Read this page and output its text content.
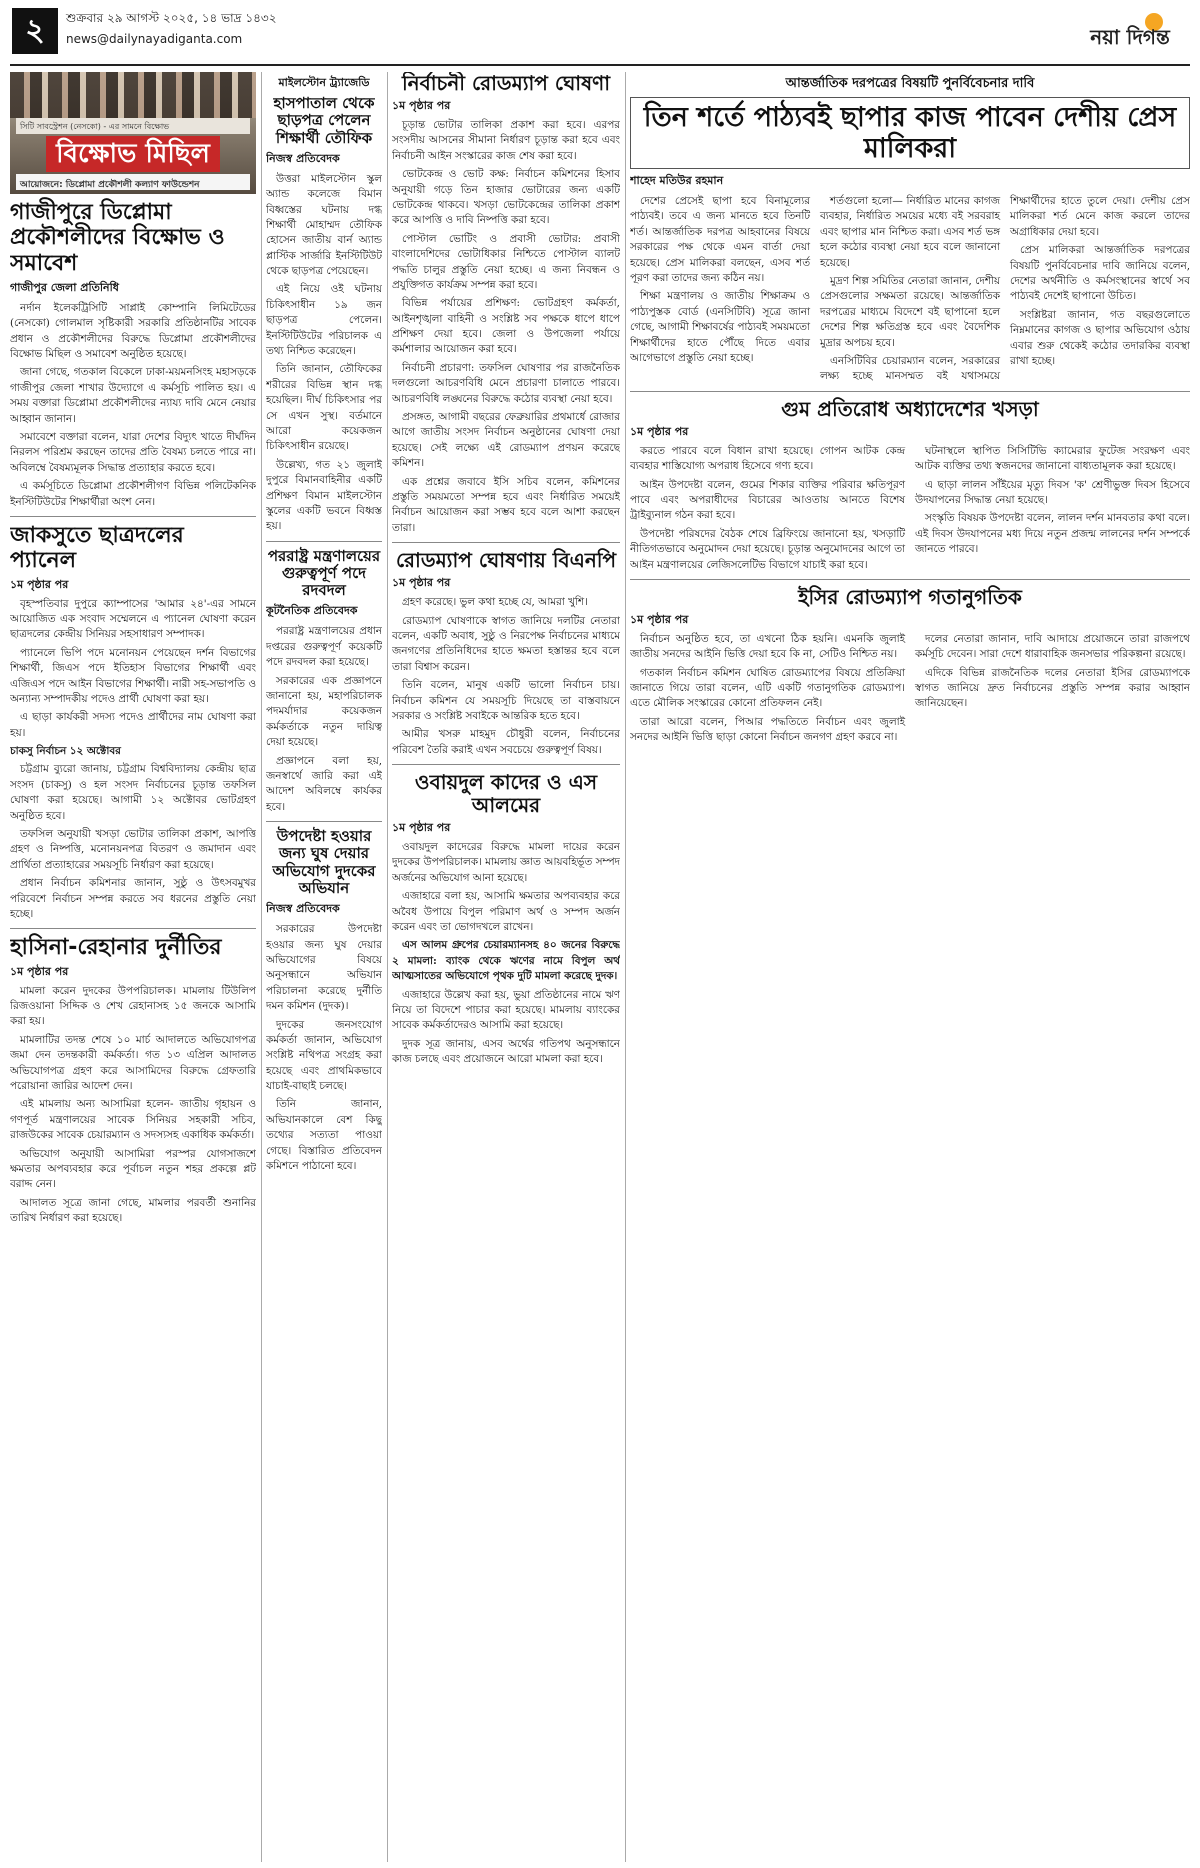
২	শুক্রবার ২৯ আগস্ট ২০২৫, ১৪ ভাদ্র ১৪৩২
news@dailynayadiganta.com	নয়া দিগন্ত
সিটি সাবস্ট্রেশন (নেসকো) - এর সামনে বিক্ষোভ
বিক্ষোভ মিছিল
আয়োজনে: ডিপ্লোমা প্রকৌশলী কল্যাণ ফাউন্ডেশন
গাজীপুরে ডিপ্লোমা প্রকৌশলীদের বিক্ষোভ ও সমাবেশ
গাজীপুর জেলা প্রতিনিধি

নর্দান ইলেকট্রিসিটি সাপ্লাই কোম্পানি লিমিটেডের (নেসকো) গোলমাল সৃষ্টিকারী সরকারি প্রতিষ্ঠানটির সাবেক প্রধান ও প্রকৌশলীদের বিরুদ্ধে ডিপ্লোমা প্রকৌশলীদের বিক্ষোভ মিছিল ও সমাবেশ অনুষ্ঠিত হয়েছে।

জানা গেছে, গতকাল বিকেলে ঢাকা-ময়মনসিংহ মহাসড়কে গাজীপুর জেলা শাখার উদ্যোগে এ কর্মসূচি পালিত হয়। এ সময় বক্তারা ডিপ্লোমা প্রকৌশলীদের ন্যায্য দাবি মেনে নেয়ার আহ্বান জানান।

সমাবেশে বক্তারা বলেন, যারা দেশের বিদ্যুৎ খাতে দীর্ঘদিন নিরলস পরিশ্রম করছেন তাদের প্রতি বৈষম্য চলতে পারে না। অবিলম্বে বৈষম্যমূলক সিদ্ধান্ত প্রত্যাহার করতে হবে।

এ কর্মসূচিতে ডিপ্লোমা প্রকৌশলীগণ বিভিন্ন পলিটেকনিক ইনস্টিটিউটের শিক্ষার্থীরা অংশ নেন।

জাকসুতে ছাত্রদলের প্যানেল
১ম পৃষ্ঠার পর

বৃহস্পতিবার দুপুরে ক্যাম্পাসের 'আমার ২৪'-এর সামনে আয়োজিত এক সংবাদ সম্মেলনে এ প্যানেল ঘোষণা করেন ছাত্রদলের কেন্দ্রীয় সিনিয়র সহসাধারণ সম্পাদক।

প্যানেলে ভিপি পদে মনোনয়ন পেয়েছেন দর্শন বিভাগের শিক্ষার্থী, জিএস পদে ইতিহাস বিভাগের শিক্ষার্থী এবং এজিএস পদে আইন বিভাগের শিক্ষার্থী। নারী সহ-সভাপতি ও অন্যান্য সম্পাদকীয় পদেও প্রার্থী ঘোষণা করা হয়।

এ ছাড়া কার্যকরী সদস্য পদেও প্রার্থীদের নাম ঘোষণা করা হয়।

চাকসু নির্বাচন ১২ অক্টোবর

চট্টগ্রাম ব্যুরো জানায়, চট্টগ্রাম বিশ্ববিদ্যালয় কেন্দ্রীয় ছাত্র সংসদ (চাকসু) ও হল সংসদ নির্বাচনের চূড়ান্ত তফসিল ঘোষণা করা হয়েছে। আগামী ১২ অক্টোবর ভোটগ্রহণ অনুষ্ঠিত হবে।

তফসিল অনুযায়ী খসড়া ভোটার তালিকা প্রকাশ, আপত্তি গ্রহণ ও নিষ্পত্তি, মনোনয়নপত্র বিতরণ ও জমাদান এবং প্রার্থিতা প্রত্যাহারের সময়সূচি নির্ধারণ করা হয়েছে।

প্রধান নির্বাচন কমিশনার জানান, সুষ্ঠু ও উৎসবমুখর পরিবেশে নির্বাচন সম্পন্ন করতে সব ধরনের প্রস্তুতি নেয়া হচ্ছে।

হাসিনা-রেহানার দুর্নীতির
১ম পৃষ্ঠার পর

মামলা করেন দুদকের উপপরিচালক। মামলায় টিউলিপ রিজওয়ানা সিদ্দিক ও শেখ রেহানাসহ ১৫ জনকে আসামি করা হয়।

মামলাটির তদন্ত শেষে ১০ মার্চ আদালতে অভিযোগপত্র জমা দেন তদন্তকারী কর্মকর্তা। গত ১৩ এপ্রিল আদালত অভিযোগপত্র গ্রহণ করে আসামিদের বিরুদ্ধে গ্রেফতারি পরোয়ানা জারির আদেশ দেন।

এই মামলায় অন্য আসামিরা হলেন- জাতীয় গৃহায়ন ও গণপূর্ত মন্ত্রণালয়ের সাবেক সিনিয়র সহকারী সচিব, রাজউকের সাবেক চেয়ারম্যান ও সদস্যসহ একাধিক কর্মকর্তা।

অভিযোগ অনুযায়ী আসামিরা পরস্পর যোগসাজশে ক্ষমতার অপব্যবহার করে পূর্বাচল নতুন শহর প্রকল্পে প্লট বরাদ্দ নেন।

আদালত সূত্রে জানা গেছে, মামলার পরবর্তী শুনানির তারিখ নির্ধারণ করা হয়েছে।

মাইলস্টোন ট্র্যাজেডি
হাসপাতাল থেকে ছাড়পত্র পেলেন শিক্ষার্থী তৌফিক
নিজস্ব প্রতিবেদক

উত্তরা মাইলস্টোন স্কুল অ্যান্ড কলেজে বিমান বিধ্বস্তের ঘটনায় দগ্ধ শিক্ষার্থী মোহাম্মদ তৌফিক হোসেন জাতীয় বার্ন অ্যান্ড প্লাস্টিক সার্জারি ইনস্টিটিউট থেকে ছাড়পত্র পেয়েছেন।

এই নিয়ে ওই ঘটনায় চিকিৎসাধীন ১৯ জন ছাড়পত্র পেলেন। ইনস্টিটিউটের পরিচালক এ তথ্য নিশ্চিত করেছেন।

তিনি জানান, তৌফিকের শরীরের বিভিন্ন স্থান দগ্ধ হয়েছিল। দীর্ঘ চিকিৎসার পর সে এখন সুস্থ। বর্তমানে আরো কয়েকজন চিকিৎসাধীন রয়েছে।

উল্লেখ্য, গত ২১ জুলাই দুপুরে বিমানবাহিনীর একটি প্রশিক্ষণ বিমান মাইলস্টোন স্কুলের একটি ভবনে বিধ্বস্ত হয়।

পররাষ্ট্র মন্ত্রণালয়ের গুরুত্বপূর্ণ পদে রদবদল
কূটনৈতিক প্রতিবেদক

পররাষ্ট্র মন্ত্রণালয়ের প্রধান দপ্তরের গুরুত্বপূর্ণ কয়েকটি পদে রদবদল করা হয়েছে।

সরকারের এক প্রজ্ঞাপনে জানানো হয়, মহাপরিচালক পদমর্যাদার কয়েকজন কর্মকর্তাকে নতুন দায়িত্ব দেয়া হয়েছে।

প্রজ্ঞাপনে বলা হয়, জনস্বার্থে জারি করা এই আদেশ অবিলম্বে কার্যকর হবে।

উপদেষ্টা হওয়ার জন্য ঘুষ দেয়ার অভিযোগ দুদকের অভিযান
নিজস্ব প্রতিবেদক

সরকারের উপদেষ্টা হওয়ার জন্য ঘুষ দেয়ার অভিযোগের বিষয়ে অনুসন্ধানে অভিযান পরিচালনা করেছে দুর্নীতি দমন কমিশন (দুদক)।

দুদকের জনসংযোগ কর্মকর্তা জানান, অভিযোগ সংশ্লিষ্ট নথিপত্র সংগ্রহ করা হয়েছে এবং প্রাথমিকভাবে যাচাই-বাছাই চলছে।

তিনি জানান, অভিযানকালে বেশ কিছু তথ্যের সত্যতা পাওয়া গেছে। বিস্তারিত প্রতিবেদন কমিশনে পাঠানো হবে।

নির্বাচনী রোডম্যাপ ঘোষণা
১ম পৃষ্ঠার পর

চূড়ান্ত ভোটার তালিকা প্রকাশ করা হবে। এরপর সংসদীয় আসনের সীমানা নির্ধারণ চূড়ান্ত করা হবে এবং নির্বাচনী আইন সংস্কারের কাজ শেষ করা হবে।

ভোটকেন্দ্র ও ভোট কক্ষ: নির্বাচন কমিশনের হিসাব অনুযায়ী গড়ে তিন হাজার ভোটারের জন্য একটি ভোটকেন্দ্র থাকবে। খসড়া ভোটকেন্দ্রের তালিকা প্রকাশ করে আপত্তি ও দাবি নিষ্পত্তি করা হবে।

পোস্টাল ভোটিং ও প্রবাসী ভোটার: প্রবাসী বাংলাদেশিদের ভোটাধিকার নিশ্চিতে পোস্টাল ব্যালট পদ্ধতি চালুর প্রস্তুতি নেয়া হচ্ছে। এ জন্য নিবন্ধন ও প্রযুক্তিগত কার্যক্রম সম্পন্ন করা হবে।

বিভিন্ন পর্যায়ের প্রশিক্ষণ: ভোটগ্রহণ কর্মকর্তা, আইনশৃঙ্খলা বাহিনী ও সংশ্লিষ্ট সব পক্ষকে ধাপে ধাপে প্রশিক্ষণ দেয়া হবে। জেলা ও উপজেলা পর্যায়ে কর্মশালার আয়োজন করা হবে।

নির্বাচনী প্রচারণা: তফসিল ঘোষণার পর রাজনৈতিক দলগুলো আচরণবিধি মেনে প্রচারণা চালাতে পারবে। আচরণবিধি লঙ্ঘনের বিরুদ্ধে কঠোর ব্যবস্থা নেয়া হবে।

প্রসঙ্গত, আগামী বছরের ফেব্রুয়ারির প্রথমার্ধে রোজার আগে জাতীয় সংসদ নির্বাচন অনুষ্ঠানের ঘোষণা দেয়া হয়েছে। সেই লক্ষ্যে এই রোডম্যাপ প্রণয়ন করেছে কমিশন।

এক প্রশ্নের জবাবে ইসি সচিব বলেন, কমিশনের প্রস্তুতি সময়মতো সম্পন্ন হবে এবং নির্ধারিত সময়েই নির্বাচন আয়োজন করা সম্ভব হবে বলে আশা করছেন তারা।

রোডম্যাপ ঘোষণায় বিএনপি
১ম পৃষ্ঠার পর

গ্রহণ করেছে। ভুল কথা হচ্ছে যে, আমরা খুশি।

রোডম্যাপ ঘোষণাকে স্বাগত জানিয়ে দলটির নেতারা বলেন, একটি অবাধ, সুষ্ঠু ও নিরপেক্ষ নির্বাচনের মাধ্যমে জনগণের প্রতিনিধিদের হাতে ক্ষমতা হস্তান্তর হবে বলে তারা বিশ্বাস করেন।

তিনি বলেন, মানুষ একটি ভালো নির্বাচন চায়। নির্বাচন কমিশন যে সময়সূচি দিয়েছে তা বাস্তবায়নে সরকার ও সংশ্লিষ্ট সবাইকে আন্তরিক হতে হবে।

আমীর খসরু মাহমুদ চৌধুরী বলেন, নির্বাচনের পরিবেশ তৈরি করাই এখন সবচেয়ে গুরুত্বপূর্ণ বিষয়।

ওবায়দুল কাদের ও এস আলমের
১ম পৃষ্ঠার পর

ওবায়দুল কাদেরের বিরুদ্ধে মামলা দায়ের করেন দুদকের উপপরিচালক। মামলায় জ্ঞাত আয়বহির্ভূত সম্পদ অর্জনের অভিযোগ আনা হয়েছে।

এজাহারে বলা হয়, আসামি ক্ষমতার অপব্যবহার করে অবৈধ উপায়ে বিপুল পরিমাণ অর্থ ও সম্পদ অর্জন করেন এবং তা ভোগদখলে রাখেন।

এস আলম গ্রুপের চেয়ারম্যানসহ ৪০ জনের বিরুদ্ধে ২ মামলা: ব্যাংক থেকে ঋণের নামে বিপুল অর্থ আত্মসাতের অভিযোগে পৃথক দুটি মামলা করেছে দুদক।

এজাহারে উল্লেখ করা হয়, ভুয়া প্রতিষ্ঠানের নামে ঋণ নিয়ে তা বিদেশে পাচার করা হয়েছে। মামলায় ব্যাংকের সাবেক কর্মকর্তাদেরও আসামি করা হয়েছে।

দুদক সূত্র জানায়, এসব অর্থের গতিপথ অনুসন্ধানে কাজ চলছে এবং প্রয়োজনে আরো মামলা করা হবে।

আন্তর্জাতিক দরপত্রের বিষয়টি পুনর্বিবেচনার দাবি
তিন শর্তে পাঠ্যবই ছাপার কাজ পাবেন দেশীয় প্রেস মালিকরা
শাহেদ মতিউর রহমান

দেশের প্রেসেই ছাপা হবে বিনামূল্যের পাঠ্যবই। তবে এ জন্য মানতে হবে তিনটি শর্ত। আন্তর্জাতিক দরপত্র আহবানের বিষয়ে সরকারের পক্ষ থেকে এমন বার্তা দেয়া হয়েছে। প্রেস মালিকরা বলছেন, এসব শর্ত পূরণ করা তাদের জন্য কঠিন নয়।

শিক্ষা মন্ত্রণালয় ও জাতীয় শিক্ষাক্রম ও পাঠ্যপুস্তক বোর্ড (এনসিটিবি) সূত্রে জানা গেছে, আগামী শিক্ষাবর্ষের পাঠ্যবই সময়মতো শিক্ষার্থীদের হাতে পৌঁছে দিতে এবার আগেভাগে প্রস্তুতি নেয়া হচ্ছে।

শর্তগুলো হলো— নির্ধারিত মানের কাগজ ব্যবহার, নির্ধারিত সময়ের মধ্যে বই সরবরাহ এবং ছাপার মান নিশ্চিত করা। এসব শর্ত ভঙ্গ হলে কঠোর ব্যবস্থা নেয়া হবে বলে জানানো হয়েছে।

মুদ্রণ শিল্প সমিতির নেতারা জানান, দেশীয় প্রেসগুলোর সক্ষমতা রয়েছে। আন্তর্জাতিক দরপত্রের মাধ্যমে বিদেশে বই ছাপানো হলে দেশের শিল্প ক্ষতিগ্রস্ত হবে এবং বৈদেশিক মুদ্রার অপচয় হবে।

এনসিটিবির চেয়ারম্যান বলেন, সরকারের লক্ষ্য হচ্ছে মানসম্মত বই যথাসময়ে শিক্ষার্থীদের হাতে তুলে দেয়া। দেশীয় প্রেস মালিকরা শর্ত মেনে কাজ করলে তাদের অগ্রাধিকার দেয়া হবে।

প্রেস মালিকরা আন্তর্জাতিক দরপত্রের বিষয়টি পুনর্বিবেচনার দাবি জানিয়ে বলেন, দেশের অর্থনীতি ও কর্মসংস্থানের স্বার্থে সব পাঠ্যবই দেশেই ছাপানো উচিত।

সংশ্লিষ্টরা জানান, গত বছরগুলোতে নিম্নমানের কাগজ ও ছাপার অভিযোগ ওঠায় এবার শুরু থেকেই কঠোর তদারকির ব্যবস্থা রাখা হচ্ছে।

গুম প্রতিরোধ অধ্যাদেশের খসড়া
১ম পৃষ্ঠার পর

করতে পারবে বলে বিধান রাখা হয়েছে। গোপন আটক কেন্দ্র ব্যবহার শাস্তিযোগ্য অপরাধ হিসেবে গণ্য হবে।

আইন উপদেষ্টা বলেন, গুমের শিকার ব্যক্তির পরিবার ক্ষতিপূরণ পাবে এবং অপরাধীদের বিচারের আওতায় আনতে বিশেষ ট্রাইব্যুনাল গঠন করা হবে।

উপদেষ্টা পরিষদের বৈঠক শেষে ব্রিফিংয়ে জানানো হয়, খসড়াটি নীতিগতভাবে অনুমোদন দেয়া হয়েছে। চূড়ান্ত অনুমোদনের আগে তা আইন মন্ত্রণালয়ের লেজিসলেটিভ বিভাগে যাচাই করা হবে।

ঘটনাস্থলে স্থাপিত সিসিটিভি ক্যামেরার ফুটেজ সংরক্ষণ এবং আটক ব্যক্তির তথ্য স্বজনদের জানানো বাধ্যতামূলক করা হয়েছে।

এ ছাড়া লালন সাঁইয়ের মৃত্যু দিবস 'ক' শ্রেণীভুক্ত দিবস হিসেবে উদযাপনের সিদ্ধান্ত নেয়া হয়েছে।

সংস্কৃতি বিষয়ক উপদেষ্টা বলেন, লালন দর্শন মানবতার কথা বলে। এই দিবস উদযাপনের মধ্য দিয়ে নতুন প্রজন্ম লালনের দর্শন সম্পর্কে জানতে পারবে।

ইসির রোডম্যাপ গতানুগতিক
১ম পৃষ্ঠার পর

নির্বাচন অনুষ্ঠিত হবে, তা এখনো ঠিক হয়নি। এমনকি জুলাই জাতীয় সনদের আইনি ভিত্তি দেয়া হবে কি না, সেটিও নিশ্চিত নয়।

গতকাল নির্বাচন কমিশন ঘোষিত রোডম্যাপের বিষয়ে প্রতিক্রিয়া জানাতে গিয়ে তারা বলেন, এটি একটি গতানুগতিক রোডম্যাপ। এতে মৌলিক সংস্কারের কোনো প্রতিফলন নেই।

তারা আরো বলেন, পিআর পদ্ধতিতে নির্বাচন এবং জুলাই সনদের আইনি ভিত্তি ছাড়া কোনো নির্বাচন জনগণ গ্রহণ করবে না।

দলের নেতারা জানান, দাবি আদায়ে প্রয়োজনে তারা রাজপথে কর্মসূচি দেবেন। সারা দেশে ধারাবাহিক জনসভার পরিকল্পনা রয়েছে।

এদিকে বিভিন্ন রাজনৈতিক দলের নেতারা ইসির রোডম্যাপকে স্বাগত জানিয়ে দ্রুত নির্বাচনের প্রস্তুতি সম্পন্ন করার আহ্বান জানিয়েছেন।
